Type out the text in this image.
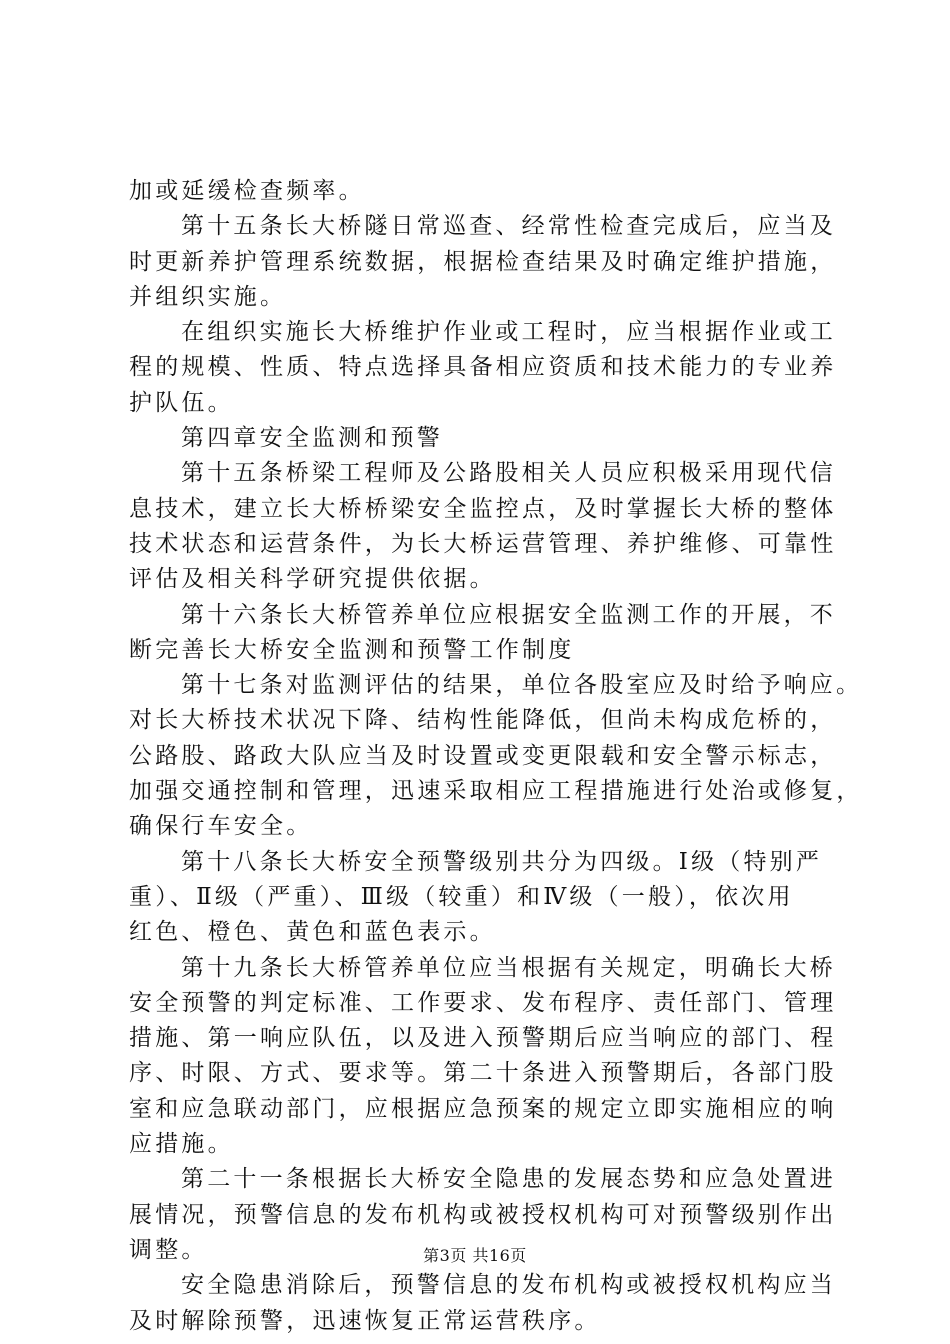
加或延缓检查频率。
第十五条长大桥隧日常巡查、经常性检查完成后，应当及
时更新养护管理系统数据，根据检查结果及时确定维护措施，
并组织实施。
在组织实施长大桥维护作业或工程时，应当根据作业或工
程的规模、性质、特点选择具备相应资质和技术能力的专业养
护队伍。
第四章安全监测和预警
第十五条桥梁工程师及公路股相关人员应积极采用现代信
息技术，建立长大桥桥梁安全监控点，及时掌握长大桥的整体
技术状态和运营条件，为长大桥运营管理、养护维修、可靠性
评估及相关科学研究提供依据。
第十六条长大桥管养单位应根据安全监测工作的开展，不
断完善长大桥安全监测和预警工作制度
第十七条对监测评估的结果，单位各股室应及时给予响应。
对长大桥技术状况下降、结构性能降低，但尚未构成危桥的，
公路股、路政大队应当及时设置或变更限载和安全警示标志，
加强交通控制和管理，迅速采取相应工程措施进行处治或修复，
确保行车安全。
第十八条长大桥安全预警级别共分为四级。Ⅰ级（特别严
重）、Ⅱ级（严重）、Ⅲ级（较重）和Ⅳ级（一般），依次用
红色、橙色、黄色和蓝色表示。
第十九条长大桥管养单位应当根据有关规定，明确长大桥
安全预警的判定标准、工作要求、发布程序、责任部门、管理
措施、第一响应队伍，以及进入预警期后应当响应的部门、程
序、时限、方式、要求等。第二十条进入预警期后，各部门股
室和应急联动部门，应根据应急预案的规定立即实施相应的响
应措施。
第二十一条根据长大桥安全隐患的发展态势和应急处置进
展情况，预警信息的发布机构或被授权机构可对预警级别作出
调整。
安全隐患消除后，预警信息的发布机构或被授权机构应当
及时解除预警，迅速恢复正常运营秩序。
第3页 共16页
